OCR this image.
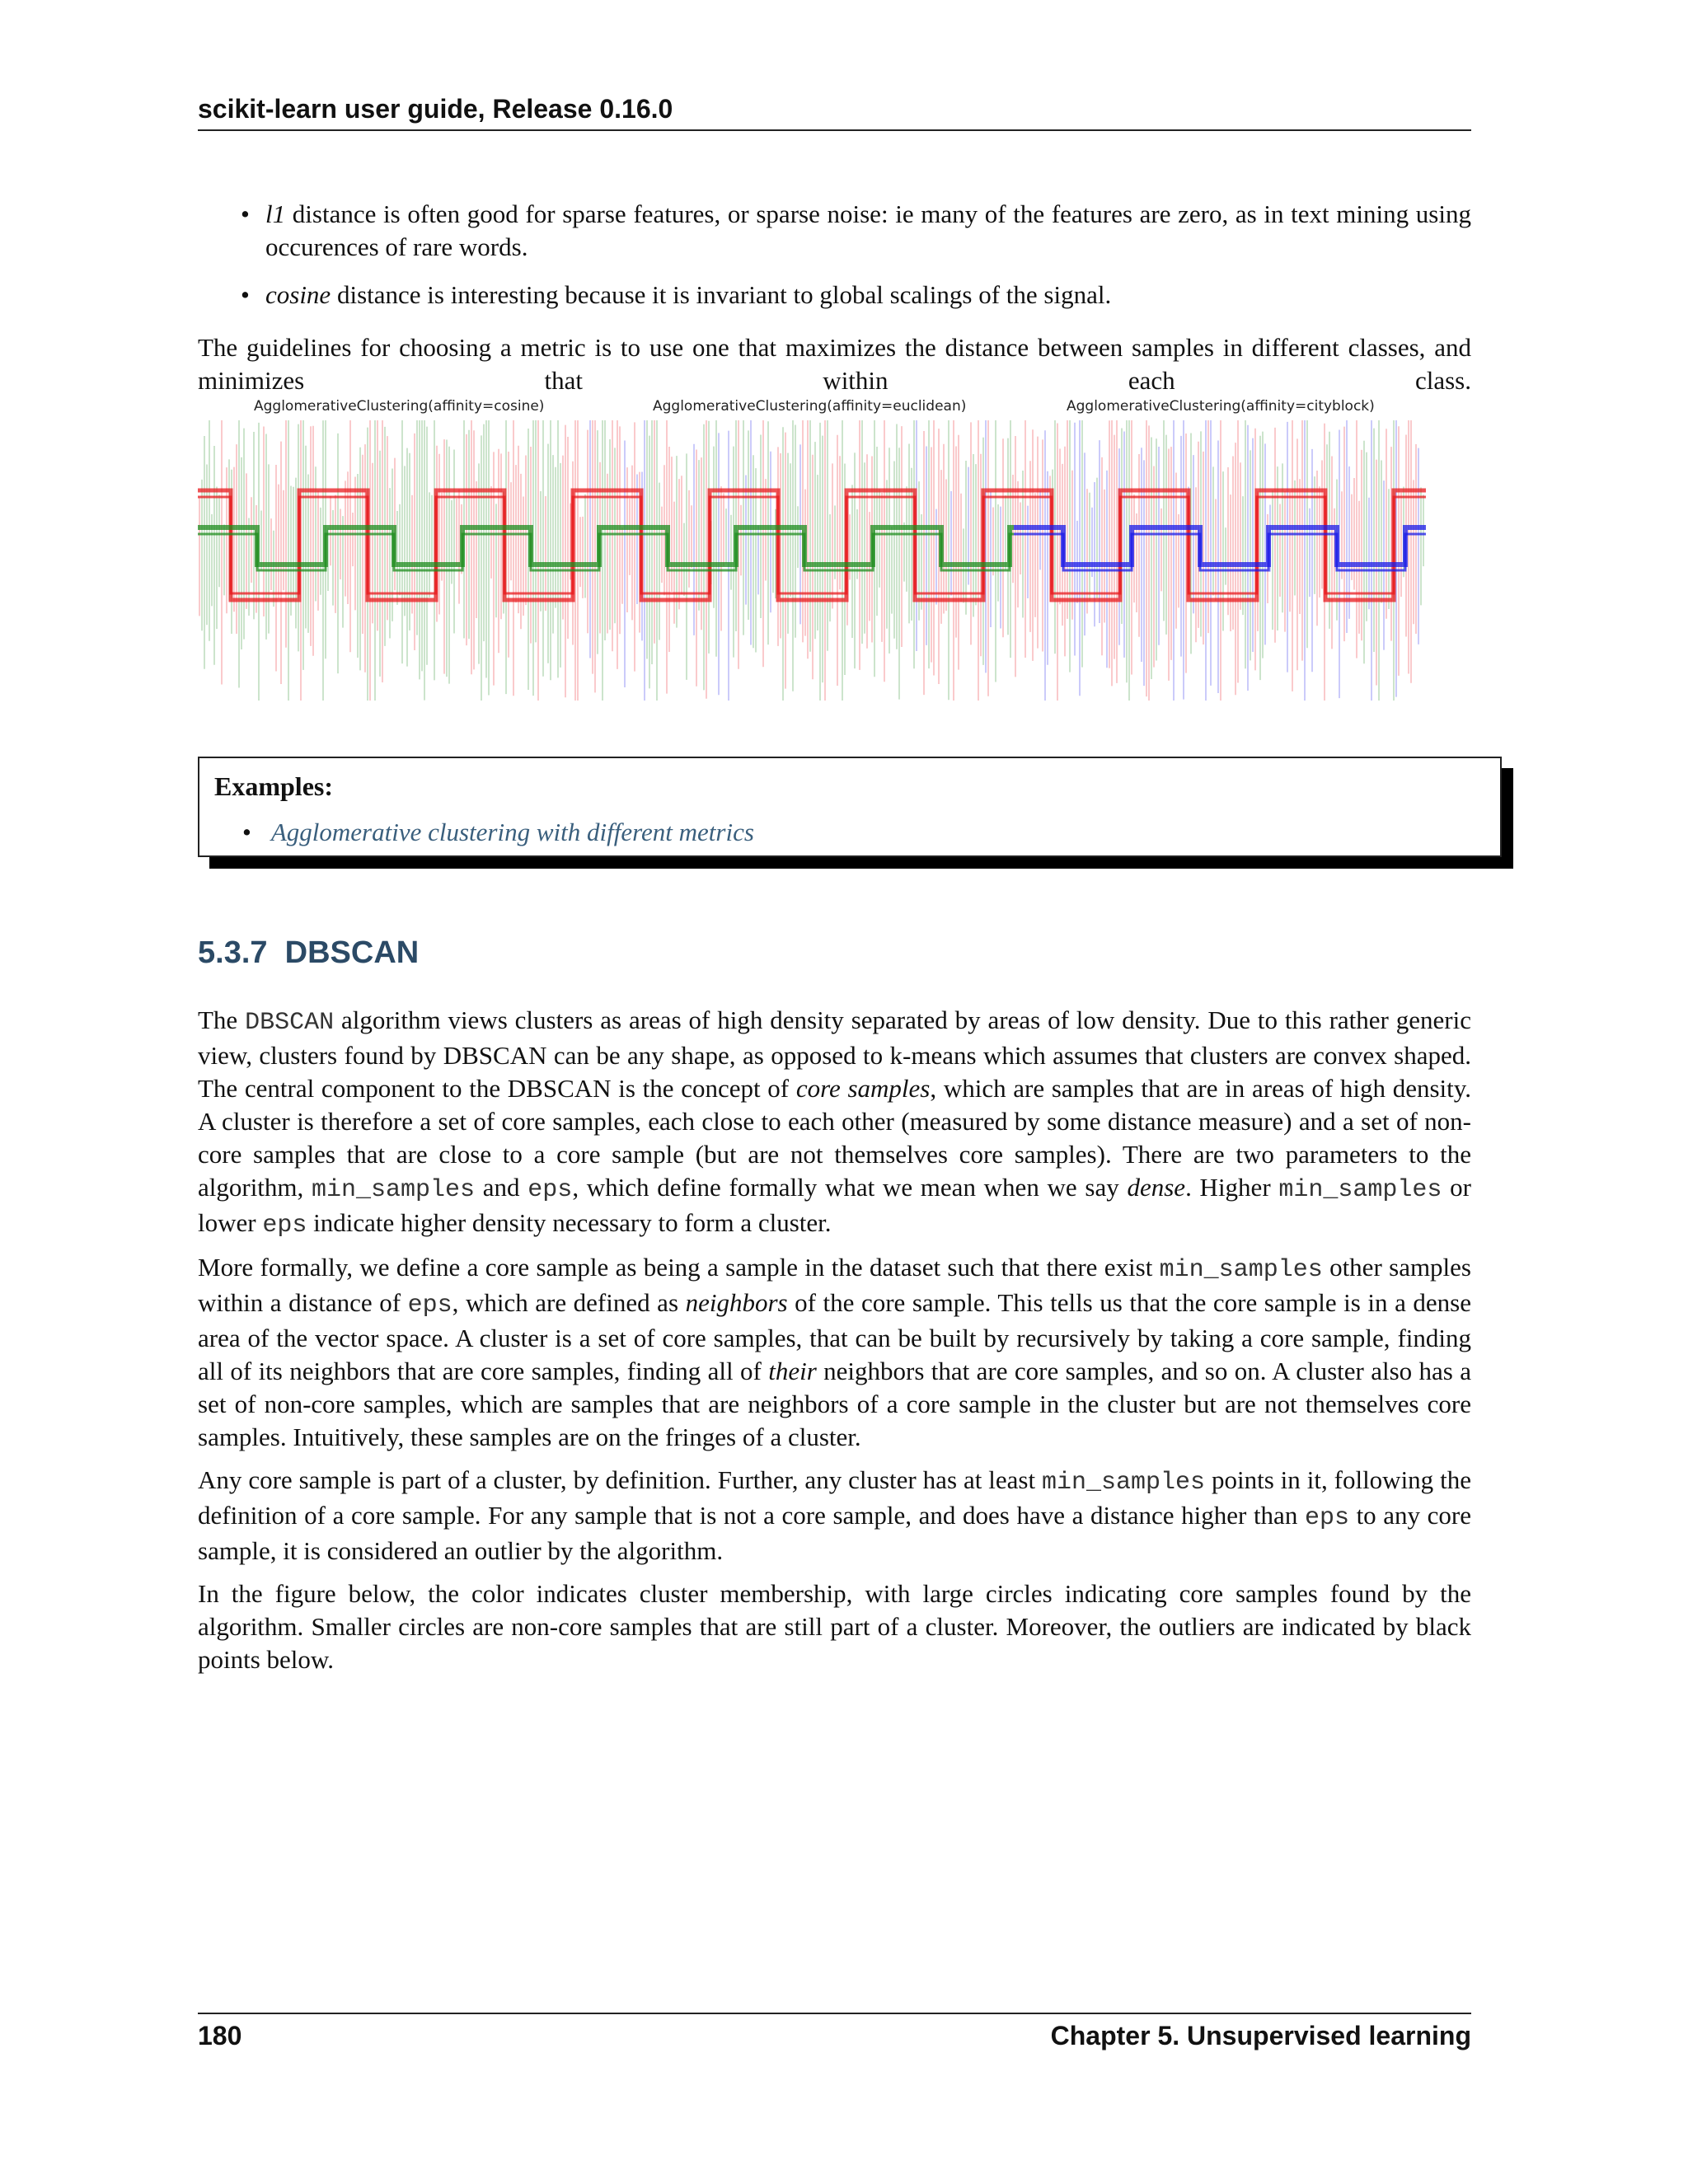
scikit-learn user guide, Release 0.16.0
• l1 distance is often good for sparse features, or sparse noise: ie many of the features are zero, as in text mining using occurences of rare words.
• cosine distance is interesting because it is invariant to global scalings of the signal.
The guidelines for choosing a metric is to use one that maximizes the distance between samples in different classes, and minimizes that within each class.
AgglomerativeClustering(affinity=cosine)	AgglomerativeClustering(affinity=euclidean)	AgglomerativeClustering(affinity=cityblock)
Examples:
• Agglomerative clustering with different metrics
5.3.7 DBSCAN
The DBSCAN algorithm views clusters as areas of high density separated by areas of low density. Due to this rather generic view, clusters found by DBSCAN can be any shape, as opposed to k-means which assumes that clusters are convex shaped. The central component to the DBSCAN is the concept of core samples, which are samples that are in areas of high density. A cluster is therefore a set of core samples, each close to each other (measured by some distance measure) and a set of non-core samples that are close to a core sample (but are not themselves core samples). There are two parameters to the algorithm, min_samples and eps, which define formally what we mean when we say dense. Higher min_samples or lower eps indicate higher density necessary to form a cluster.
More formally, we define a core sample as being a sample in the dataset such that there exist min_samples other samples within a distance of eps, which are defined as neighbors of the core sample. This tells us that the core sample is in a dense area of the vector space. A cluster is a set of core samples, that can be built by recursively by taking a core sample, finding all of its neighbors that are core samples, finding all of their neighbors that are core samples, and so on. A cluster also has a set of non-core samples, which are samples that are neighbors of a core sample in the cluster but are not themselves core samples. Intuitively, these samples are on the fringes of a cluster.
Any core sample is part of a cluster, by definition. Further, any cluster has at least min_samples points in it, following the definition of a core sample. For any sample that is not a core sample, and does have a distance higher than eps to any core sample, it is considered an outlier by the algorithm.
In the figure below, the color indicates cluster membership, with large circles indicating core samples found by the algorithm. Smaller circles are non-core samples that are still part of a cluster. Moreover, the outliers are indicated by black points below.
180	Chapter 5. Unsupervised learning
